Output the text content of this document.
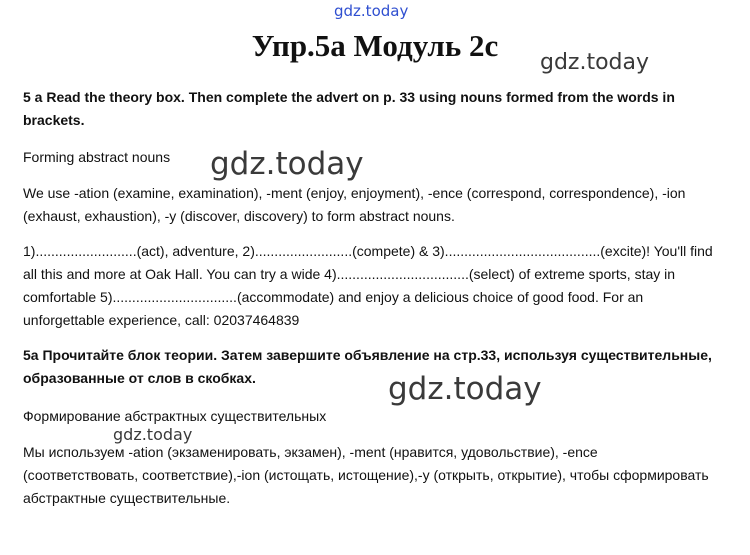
gdz.today
Упр.5а Модуль 2с	gdz.today

5 a Read the theory box. Then complete the advert on p. 33 using nouns formed from the words in brackets.

Forming abstract nouns	gdz.today

We use -ation (examine, examination), -ment (enjoy, enjoyment), -ence (correspond, correspondence), -ion (exhaust, exhaustion), -y (discover, discovery) to form abstract nouns.

1)..........................(act), adventure, 2).........................(compete) & 3)........................................(excite)! You'll find all this and more at Oak Hall. You can try a wide 4)..................................(select) of extreme sports, stay in comfortable 5)................................(accommodate) and enjoy a delicious choice of good food. For an unforgettable experience, call: 02037464839

5а Прочитайте блок теории. Затем завершите объявление на стр.33, используя существительные, образованные от слов в скобках.	gdz.today

Формирование абстрактных существительных

gdz.today

Мы используем -ation (экзаменировать, экзамен), -ment (нравится, удовольствие), -ence (соответствовать, соответствие),-ion (истощать, истощение),-y (открыть, открытие), чтобы сформировать абстрактные существительные.
